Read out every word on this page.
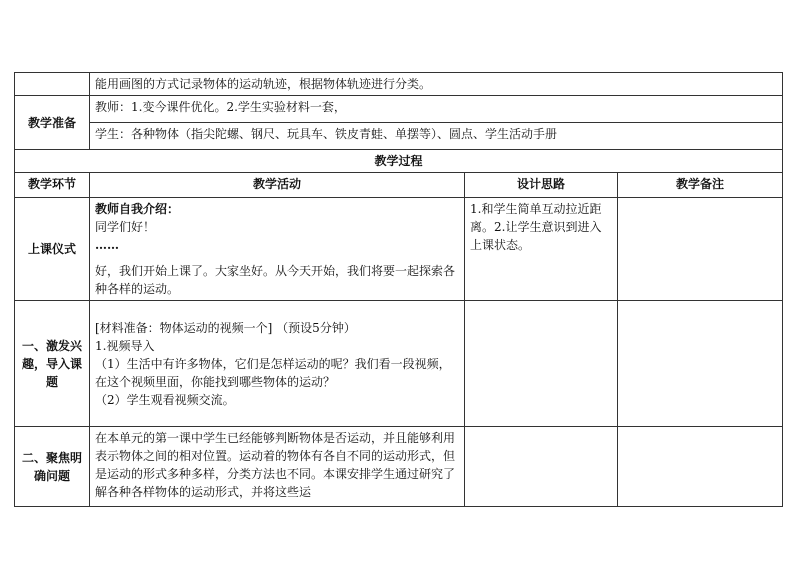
	能用画图的方式记录物体的运动轨迹，根据物体轨迹进行分类。		
教学准备	教师：1.变今课件优化。2.学生实验材料一套，		
	学生：各种物体（指尖陀螺、钢尺、玩具车、铁皮青蛙、单摆等）、圆点、学生活动手册		
教学过程			
教学环节	教学活动	设计思路	教学备注
上课仪式	教师自我介绍：

同学们好！

……

好，我们开始上课了。大家坐好。从今天开始，我们将要一起探索各种各样的运动。	1.和学生简单互动拉近距离。2.让学生意识到进入上课状态。	
一、激发兴趣，导入课题	[材料准备：物体运动的视频一个] （预设5分钟）

1.视频导入

（1）生活中有许多物体，它们是怎样运动的呢？我们看一段视频，在这个视频里面，你能找到哪些物体的运动？

（2）学生观看视频交流。		

二、聚焦明确问题	在本单元的第一课中学生已经能够判断物体是否运动，并且能够利用表示物体之间的相对位置。运动着的物体有各自不同的运动形式，但是运动的形式多种多样，分类方法也不同。本课安排学生通过研究了解各种各样物体的运动形式，并将这些运		
